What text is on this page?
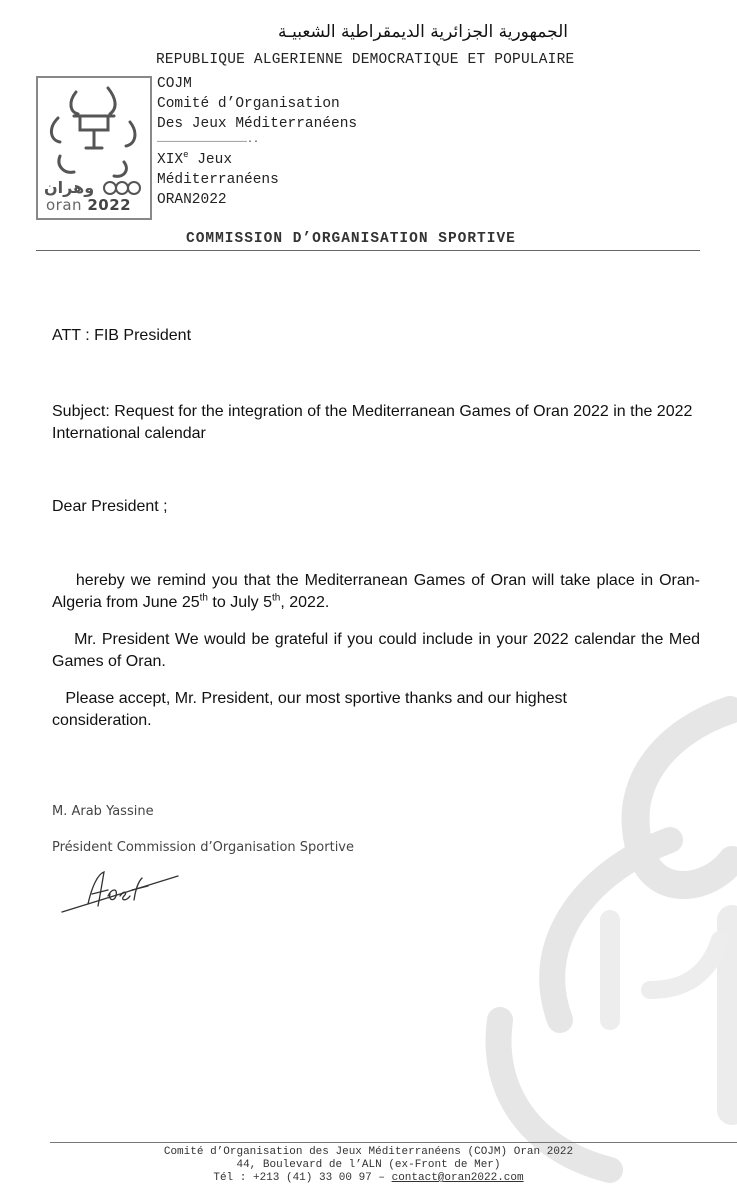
الجمهورية الجزائرية الديمقراطية الشعبيـة
REPUBLIQUE ALGERIENNE DEMOCRATIQUE ET POPULAIRE
وهران
oran 2022
COJM
Comité d’Organisation
Des Jeux Méditerranéens
………………………………………..
XIXe Jeux
Méditerranéens
ORAN2022
COMMISSION D’ORGANISATION SPORTIVE
ATT : FIB President
Subject: Request for the integration of the Mediterranean Games of Oran 2022 in the 2022 International calendar
Dear President ;
hereby we remind you that the Mediterranean Games of Oran will take place in Oran-Algeria from June 25th to July 5th, 2022.
Mr. President We would be grateful if you could include in your 2022 calendar the Med Games of Oran.
Please accept, Mr. President, our most sportive thanks and our highest consideration.
M. Arab Yassine
Président Commission d’Organisation Sportive
Comité d’Organisation des Jeux Méditerranéens (COJM) Oran 2022
44, Boulevard de l’ALN (ex-Front de Mer)
Tél : +213 (41) 33 00 97 – contact@oran2022.com
